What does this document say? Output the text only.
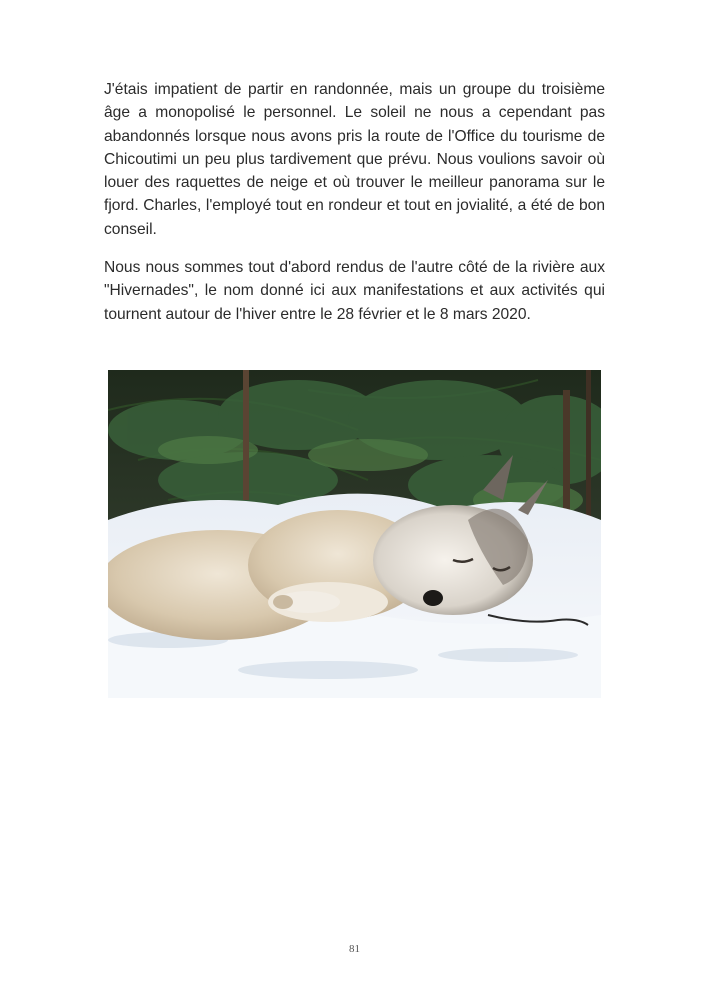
J'étais impatient de partir en randonnée, mais un groupe du troisième âge a monopolisé le personnel. Le soleil ne nous a cependant pas abandonnés lorsque nous avons pris la route de l'Office du tourisme de Chicoutimi un peu plus tardivement que prévu. Nous voulions savoir où louer des raquettes de neige et où trouver le meilleur panorama sur le fjord. Charles, l'employé tout en rondeur et tout en jovialité, a été de bon conseil.

Nous nous sommes tout d'abord rendus de l'autre côté de la rivière aux "Hivernades", le nom donné ici aux manifestations et aux activités qui tournent autour de l'hiver entre le 28 février et le 8 mars 2020.

81
